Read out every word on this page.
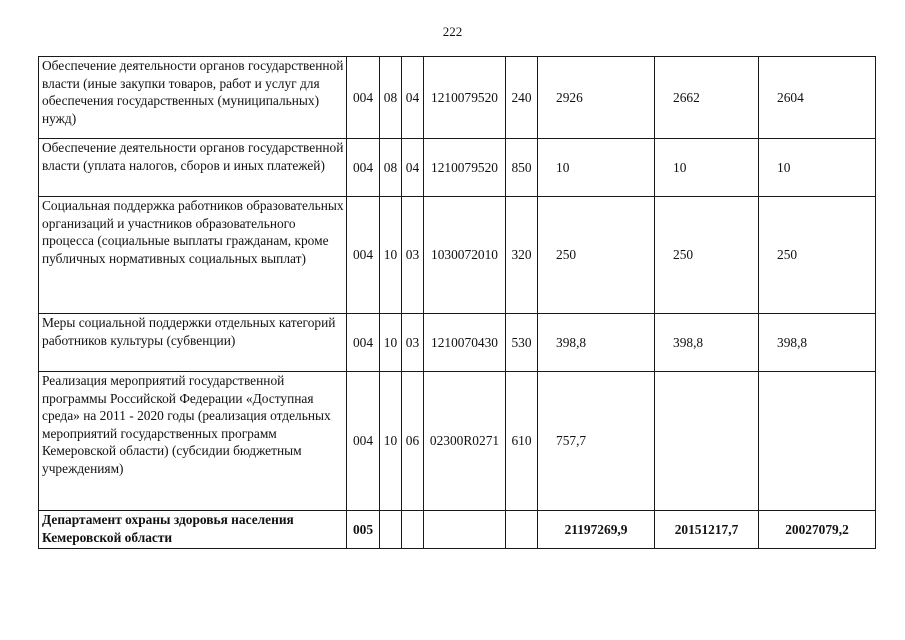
222
Обеспечение деятельности органов государственной власти (иные закупки товаров, работ и услуг для обеспечения государственных (муниципальных) нужд)	004	08	04	1210079520	240	2926	2662	2604
Обеспечение деятельности органов государственной власти (уплата налогов, сборов и иных платежей)	004	08	04	1210079520	850	10	10	10
Социальная поддержка работников образовательных организаций и участников образовательного процесса (социальные выплаты гражданам, кроме публичных нормативных социальных выплат)	004	10	03	1030072010	320	250	250	250
Меры социальной поддержки отдельных категорий работников культуры (субвенции)	004	10	03	1210070430	530	398,8	398,8	398,8
Реализация мероприятий государственной программы Российской Федерации «Доступная среда» на 2011 - 2020 годы (реализация отдельных мероприятий государственных программ Кемеровской области) (субсидии бюджетным учреждениям)	004	10	06	02300R0271	610	757,7		
Департамент охраны здоровья населения Кемеровской области	005					21197269,9	20151217,7	20027079,2
